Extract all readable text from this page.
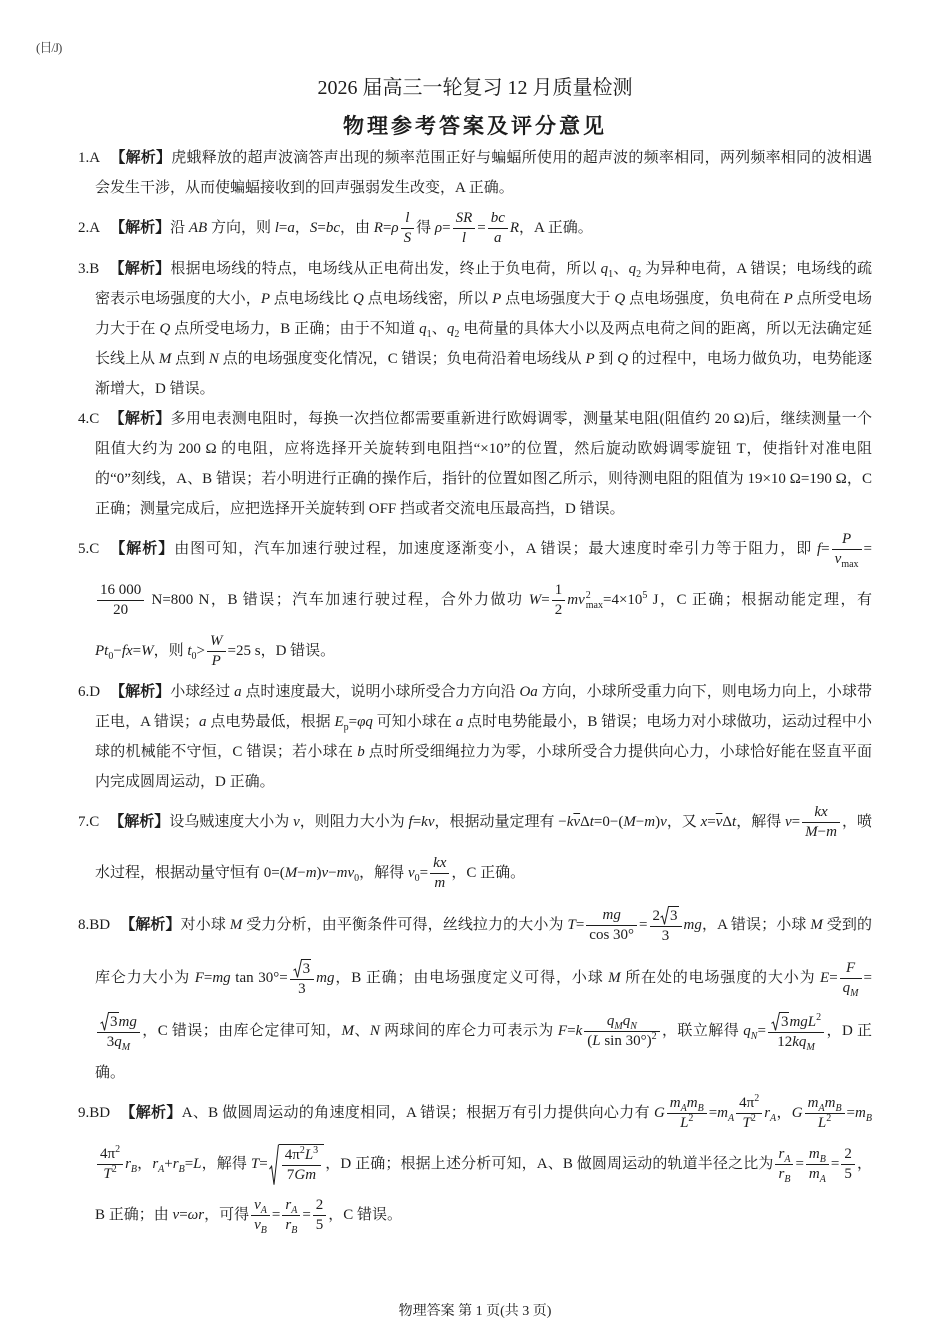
(日/J)
2026 届高三一轮复习 12 月质量检测
物理参考答案及评分意见

1.A 【解析】虎蛾释放的超声波滴答声出现的频率范围正好与蝙蝠所使用的超声波的频率相同，两列频率相同的波相遇会发生干涉，从而使蝙蝠接收到的回声强弱发生改变，A 正确。

2.A 【解析】沿 AB 方向，则 l=a，S=bc，由 $R=\rho \frac{l}{S}$ 得 $\rho= \frac{SR}{l} = \frac{bc}{a}$ R，A 正确。

3.B 【解析】根据电场线的特点，电场线从正电荷出发，终止于负电荷，所以 $q_1$、$q_2$ 为异种电荷，A 错误；电场线的疏密表示电场强度的大小，P 点电场线比 Q 点电场线密，所以 P 点电场强度大于 Q 点电场强度，负电荷在 P 点所受电场力大于在 Q 点所受电场力，B 正确；由于不知道 $q_1$、$q_2$ 电荷量的具体大小以及两点电荷之间的距离，所以无法确定延长线上从 M 点到 N 点的电场强度变化情况，C 错误；负电荷沿着电场线从 P 到 Q 的过程中，电场力做负功，电势能逐渐增大，D 错误。

4.C 【解析】多用电表测电阻时，每换一次挡位都需要重新进行欧姆调零，测量某电阻(阻值约 20 Ω)后，继续测量一个阻值大约为 200 Ω 的电阻，应将选择开关旋转到电阻挡“×10”的位置，然后旋动欧姆调零旋钮 T，使指针对准电阻的“0”刻线，A、B 错误；若小明进行正确的操作后，指针的位置如图乙所示，则待测电阻的阻值为 19×10 Ω=190 Ω，C 正确；测量完成后，应把选择开关旋转到 OFF 挡或者交流电压最高挡，D 错误。

5.C 【解析】由图可知，汽车加速行驶过程，加速度逐渐变小，A 错误；最大速度时牵引力等于阻力，即 $f= \frac{P}{v_{max}}$ =
$\frac{16 000}{20} N=800$ N，B 错误；汽车加速行驶过程，合外力做功 $W= \frac{1}{2}$ mv 2
$\max =4\times 10^5$ J，C 正确；根据动能定理，有 $Pt_0-fx=W$，则 $t_0> \frac{W}{P} =25$ s，D 错误。

6.D 【解析】小球经过 a 点时速度最大，说明小球所受合力方向沿 Oa 方向，小球所受重力向下，则电场力向上，小球带正电，A 错误；a 点电势最低，根据 $E_p=\varphi q$ 可知小球在 a 点时电势能最小，B 错误；电场力对小球做功，运动过程中小球的机械能不守恒，C 错误；若小球在 b 点时所受细绳拉力为零，小球所受合力提供向心力，小球恰好能在竖直平面内完成圆周运动，D 正确。

7.C 【解析】设乌贼速度大小为 v，则阻力大小为 f=kv，根据动量定理有 $-k\overline{v}\Delta t=0-(M-m)v$，又 $x=\overline{v}\Delta t$，解得 $v= \frac{kx}{M-m}$ ，喷水过程，根据动量守恒有 $0=(M-m)v-mv_0$，解得 $v_0= \frac{kx}{m}$ ，C 正确。

8.BD 【解析】对小球 M 受力分析，由平衡条件可得，丝线拉力的大小为 $T= \frac{mg}{\cos 30^\circ} = \frac{2 3}{3}$ mg，A 错误；小球 M 受到的库仑力大小为 F=mg $\tan 30^\circ= \frac{3}{3}$ mg，B 正确；由电场强度定义可得，小球 M 所在处的电场强度的大小为 $E= \frac{F}{q_M}$ =
$\frac{3mg}{3q_M}$ ，C 错误；由库仑定律可知，M、N 两球间的库仑力可表示为 $F=k \frac{q_Mq_N}{(L \sin 30^\circ)^2}$ ，联立解得 $q_N= \frac{3mgL^2}{12kq_M}$ ，D 正确。

9.BD 【解析】A、B 做圆周运动的角速度相同，A 错误；根据万有引力提供向心力有 G $\frac{m_Am_B}{L^2} =m_A \frac{4\pi^2}{T^2} r_A$，G $\frac{m_Am_B}{L^2} =m_B$
$\frac{4\pi^2}{T^2} r_B$，$r_A+r_B=L$，解得 $T= \frac{4\pi^2L^3}{7Gm}$ ，D 正确；根据上述分析可知，A、B 做圆周运动的轨道半径之比为 $\frac{r_A}{r_B} = \frac{m_B}{m_A} = \frac{2}{5}$ ，B 正确；由 v=ωr，可得 $\frac{v_A}{v_B} = \frac{r_A}{r_B} = \frac{2}{5}$ ，C 错误。

物理答案 第 1 页(共 3 页)
